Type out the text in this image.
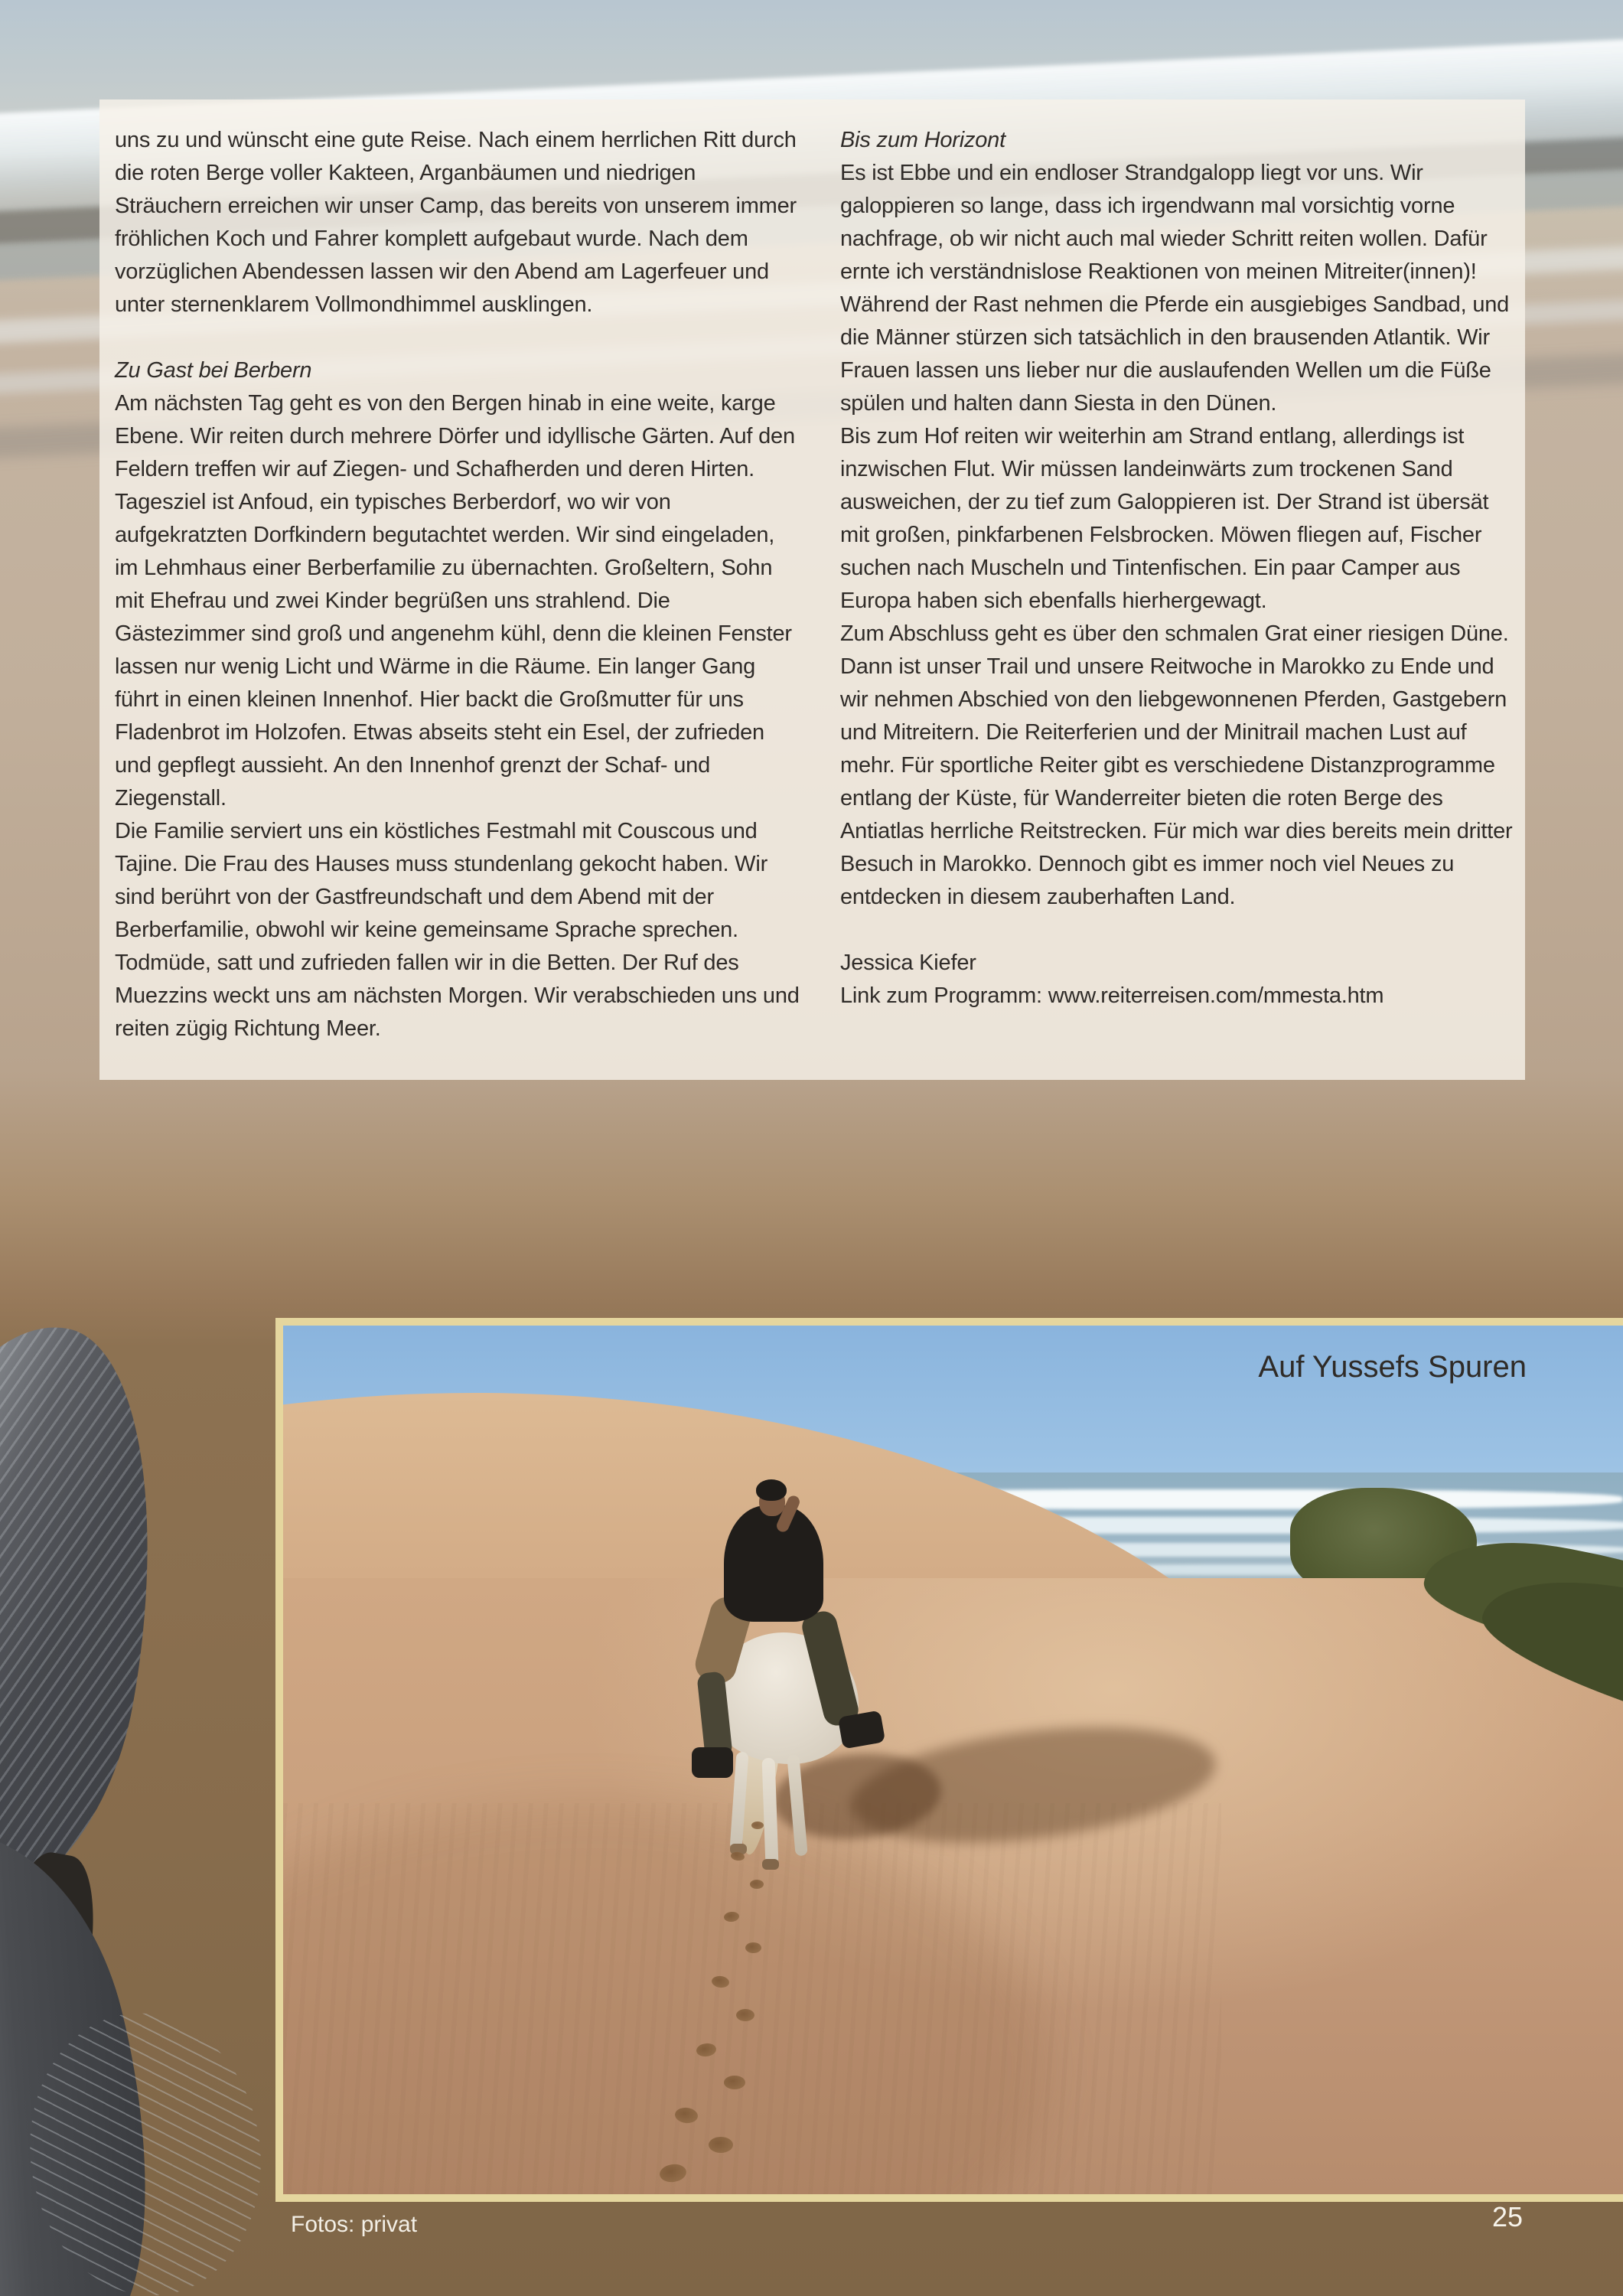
uns zu und wünscht eine gute Reise. Nach einem herrlichen Ritt durch die roten Berge voller Kakteen, Arganbäumen und niedrigen Sträuchern erreichen wir unser Camp, das bereits von unserem immer fröhlichen Koch und Fahrer komplett aufgebaut wurde. Nach dem vorzüglichen Abendessen lassen wir den Abend am Lagerfeuer und unter sternenklarem Vollmondhimmel ausklingen.

Zu Gast bei Berbern

Am nächsten Tag geht es von den Bergen hinab in eine weite, karge Ebene. Wir reiten durch mehrere Dörfer und idyllische Gärten. Auf den Feldern treffen wir auf Ziegen- und Schafherden und deren Hirten. Tagesziel ist Anfoud, ein typisches Berberdorf, wo wir von aufgekratzten Dorfkindern begutachtet werden. Wir sind eingeladen, im Lehmhaus einer Berberfamilie zu übernachten. Großeltern, Sohn mit Ehefrau und zwei Kinder begrüßen uns strahlend. Die Gästezimmer sind groß und angenehm kühl, denn die kleinen Fenster lassen nur wenig Licht und Wärme in die Räume. Ein langer Gang führt in einen kleinen Innenhof. Hier backt die Großmutter für uns Fladenbrot im Holzofen. Etwas abseits steht ein Esel, der zufrieden und gepflegt aussieht. An den Innenhof grenzt der Schaf- und Ziegenstall.

Die Familie serviert uns ein köstliches Festmahl mit Couscous und Tajine. Die Frau des Hauses muss stundenlang gekocht haben. Wir sind berührt von der Gastfreundschaft und dem Abend mit der Berberfamilie, obwohl wir keine gemeinsame Sprache sprechen. Todmüde, satt und zufrieden fallen wir in die Betten. Der Ruf des Muezzins weckt uns am nächsten Morgen. Wir verabschieden uns und reiten zügig Richtung Meer.

Bis zum Horizont

Es ist Ebbe und ein endloser Strandgalopp liegt vor uns. Wir galoppieren so lange, dass ich irgendwann mal vorsichtig vorne nachfrage, ob wir nicht auch mal wieder Schritt reiten wollen. Dafür ernte ich verständnislose Reaktionen von meinen Mitreiter(innen)!

Während der Rast nehmen die Pferde ein ausgiebiges Sandbad, und die Männer stürzen sich tatsächlich in den brausenden Atlantik. Wir Frauen lassen uns lieber nur die auslaufenden Wellen um die Füße spülen und halten dann Siesta in den Dünen.

Bis zum Hof reiten wir weiterhin am Strand entlang, allerdings ist inzwischen Flut. Wir müssen landeinwärts zum trockenen Sand ausweichen, der zu tief zum Galoppieren ist. Der Strand ist übersät mit großen, pinkfarbenen Felsbrocken. Möwen fliegen auf, Fischer suchen nach Muscheln und Tintenfischen. Ein paar Camper aus Europa haben sich ebenfalls hierhergewagt.

Zum Abschluss geht es über den schmalen Grat einer riesigen Düne. Dann ist unser Trail und unsere Reitwoche in Marokko zu Ende und wir nehmen Abschied von den liebgewonnenen Pferden, Gastgebern und Mitreitern. Die Reiterferien und der Minitrail machen Lust auf mehr. Für sportliche Reiter gibt es verschiedene Distanzprogramme entlang der Küste, für Wanderreiter bieten die roten Berge des Antiatlas herrliche Reitstrecken. Für mich war dies bereits mein dritter Besuch in Marokko. Dennoch gibt es immer noch viel Neues zu entdecken in diesem zauberhaften Land.

Jessica Kiefer

Link zum Programm: www.reiterreisen.com/mmesta.htm

Auf Yussefs Spuren
Fotos: privat	25
